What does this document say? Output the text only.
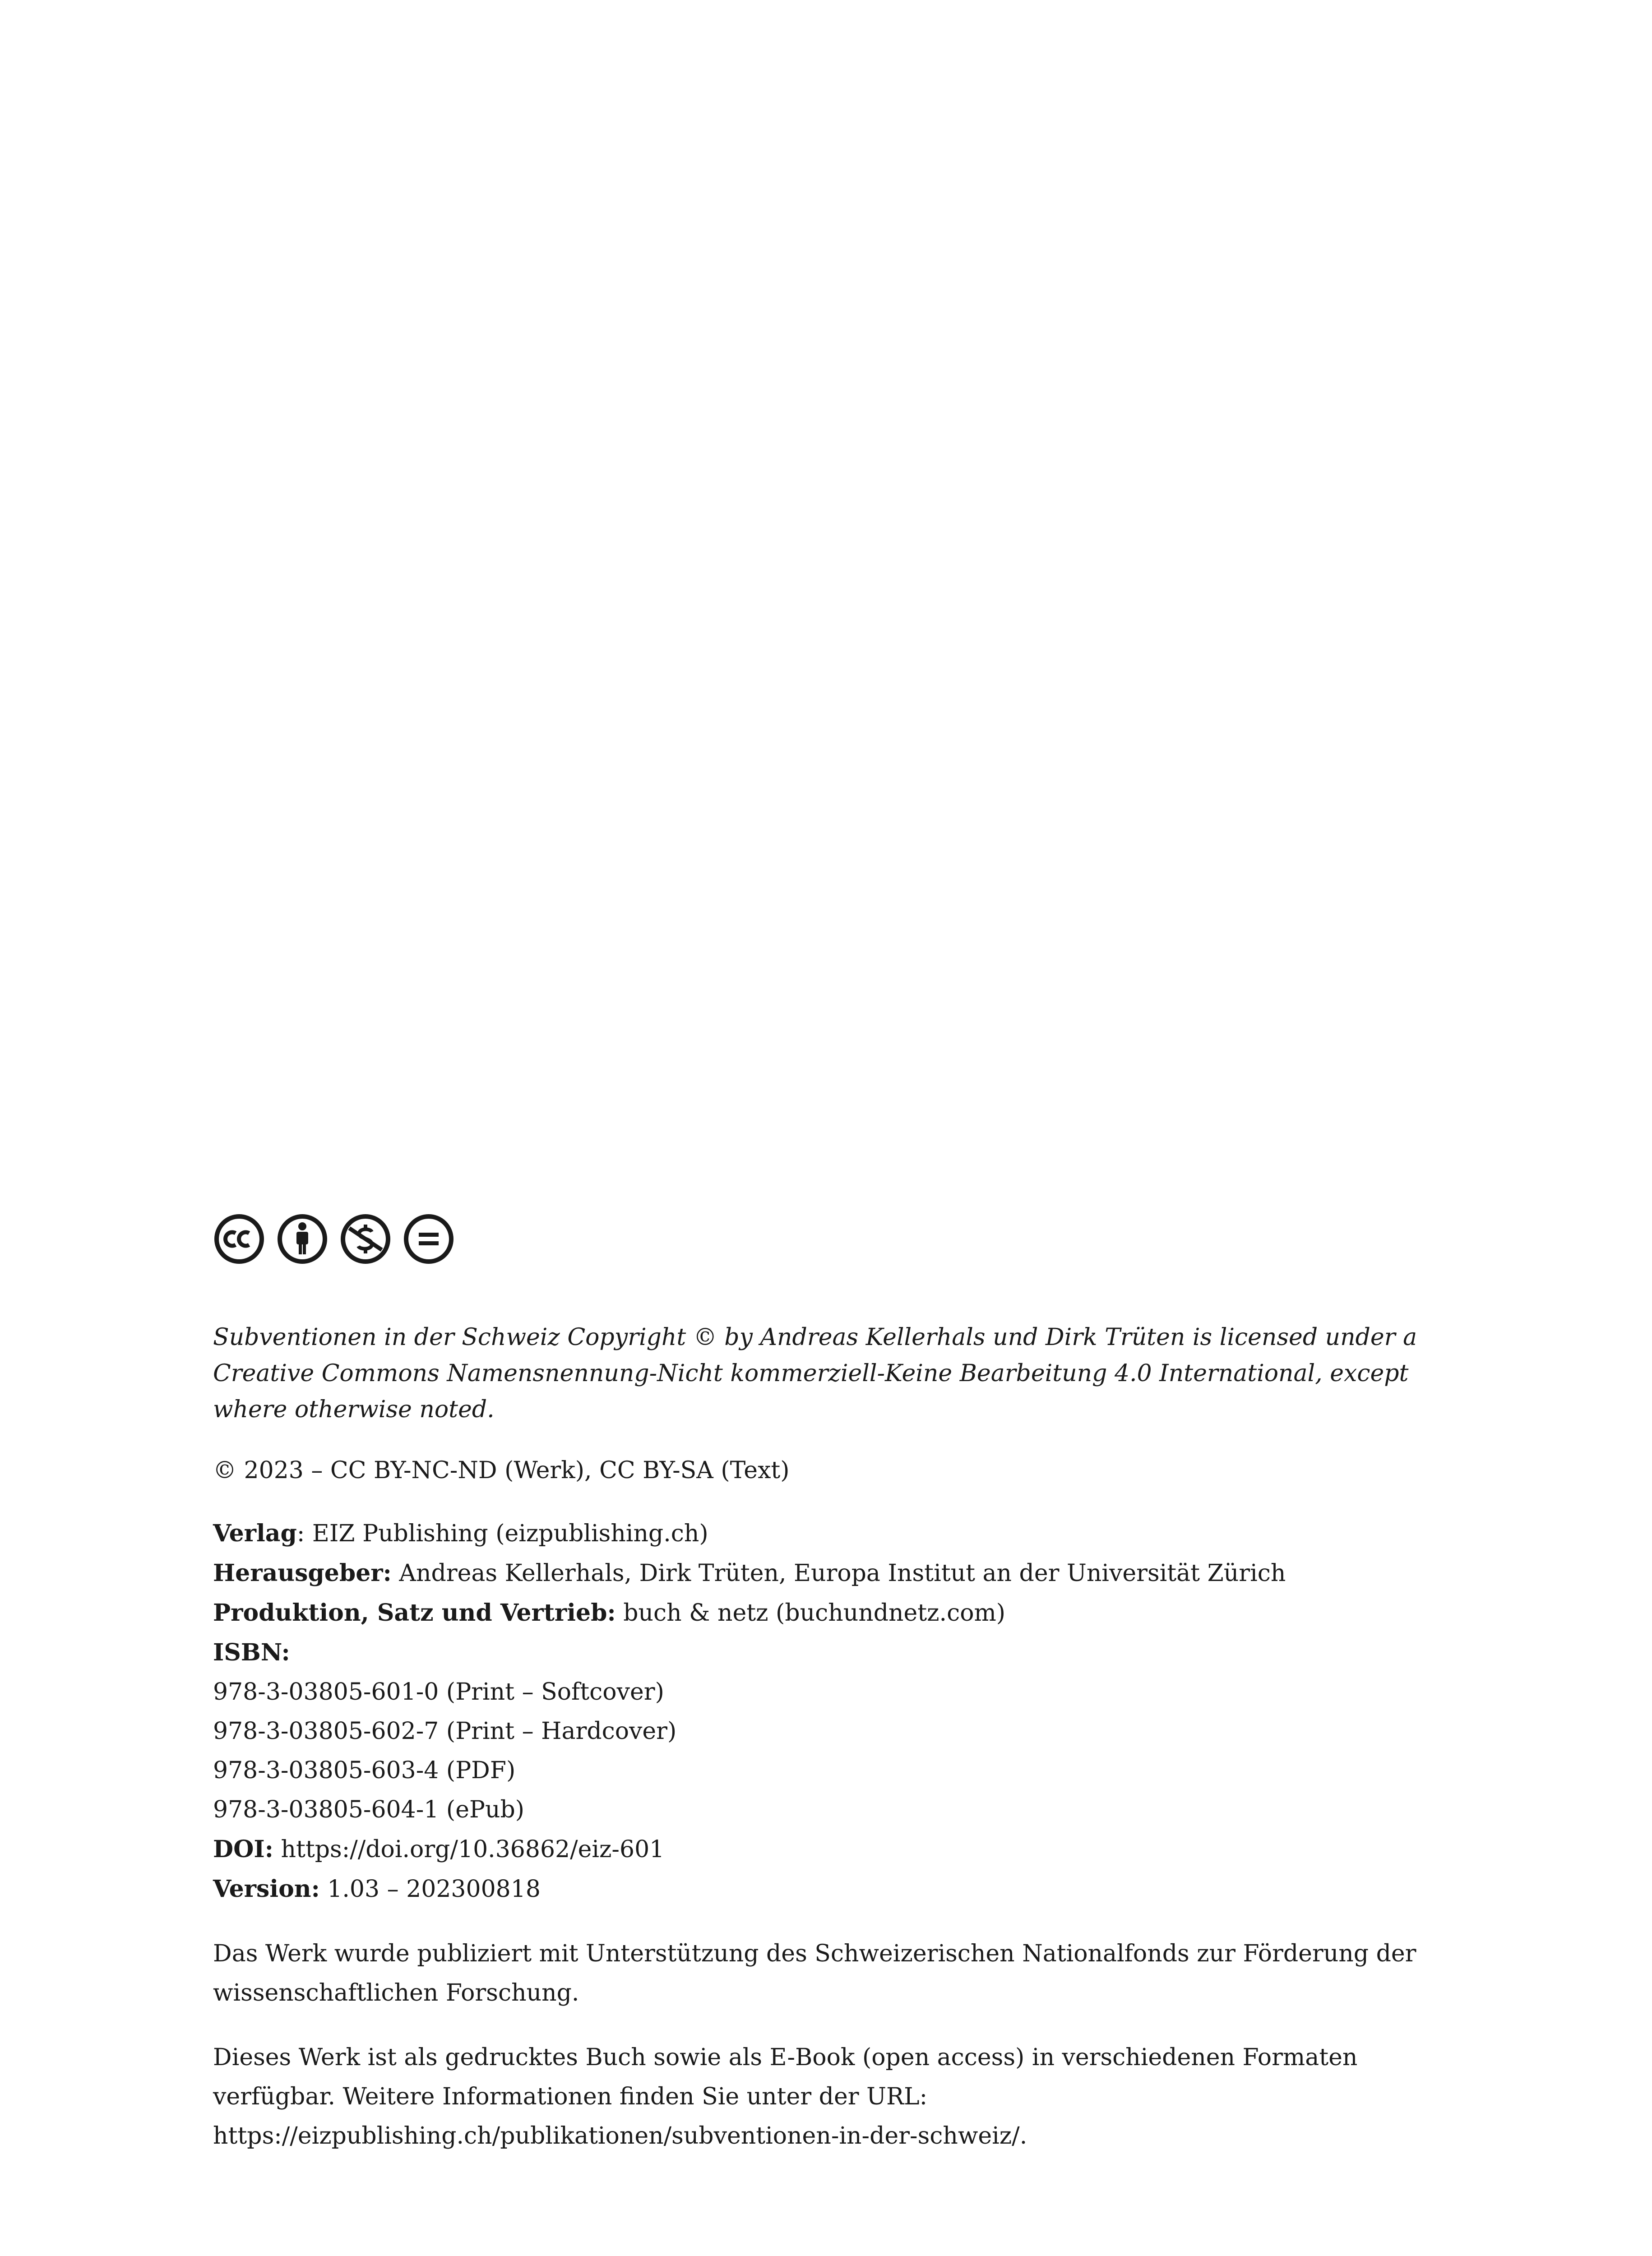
Subventionen in der Schweiz Copyright © by Andreas Kellerhals und Dirk Trüten is licensed under a
Creative Commons Namensnennung-Nicht kommerziell-Keine Bearbeitung 4.0 International, except
where otherwise noted.

© 2023 – CC BY-NC-ND (Werk), CC BY-SA (Text)

Verlag: EIZ Publishing (eizpublishing.ch)
Herausgeber: Andreas Kellerhals, Dirk Trüten, Europa Institut an der Universität Zürich
Produktion, Satz und Vertrieb: buch & netz (buchundnetz.com)
ISBN:
978-3-03805-601-0 (Print – Softcover)
978-3-03805-602-7 (Print – Hardcover)
978-3-03805-603-4 (PDF)
978-3-03805-604-1 (ePub)
DOI: https://doi.org/10.36862/eiz-601
Version: 1.03 – 202300818

Das Werk wurde publiziert mit Unterstützung des Schweizerischen Nationalfonds zur Förderung der
wissenschaftlichen Forschung.

Dieses Werk ist als gedrucktes Buch sowie als E-Book (open access) in verschiedenen Formaten
verfügbar. Weitere Informationen finden Sie unter der URL:
https://eizpublishing.ch/publikationen/subventionen-in-der-schweiz/.
